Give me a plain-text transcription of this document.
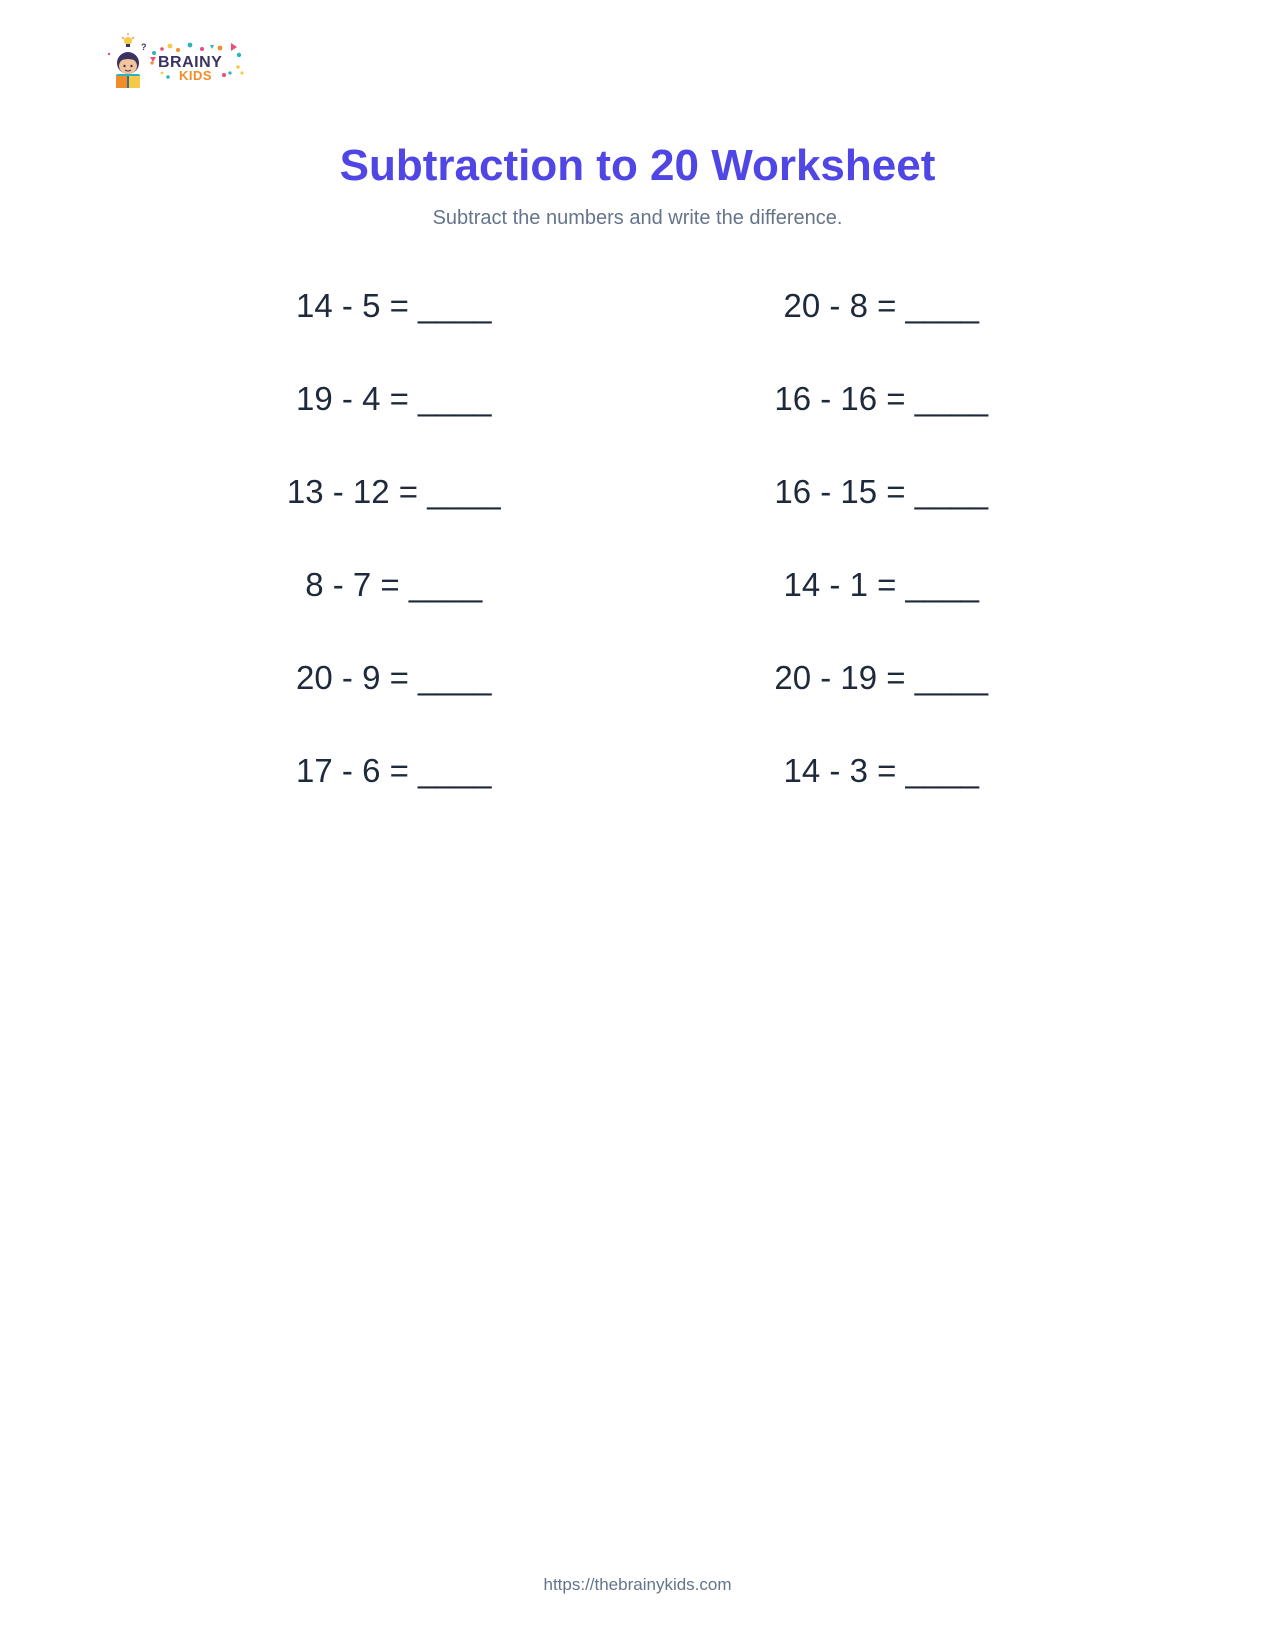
?
BRAINY
KIDS
Subtraction to 20 Worksheet
Subtract the numbers and write the difference.
14 - 5 = ____	20 - 8 = ____
19 - 4 = ____	16 - 16 = ____
13 - 12 = ____	16 - 15 = ____
8 - 7 = ____	14 - 1 = ____
20 - 9 = ____	20 - 19 = ____
17 - 6 = ____	14 - 3 = ____
https://thebrainykids.com
